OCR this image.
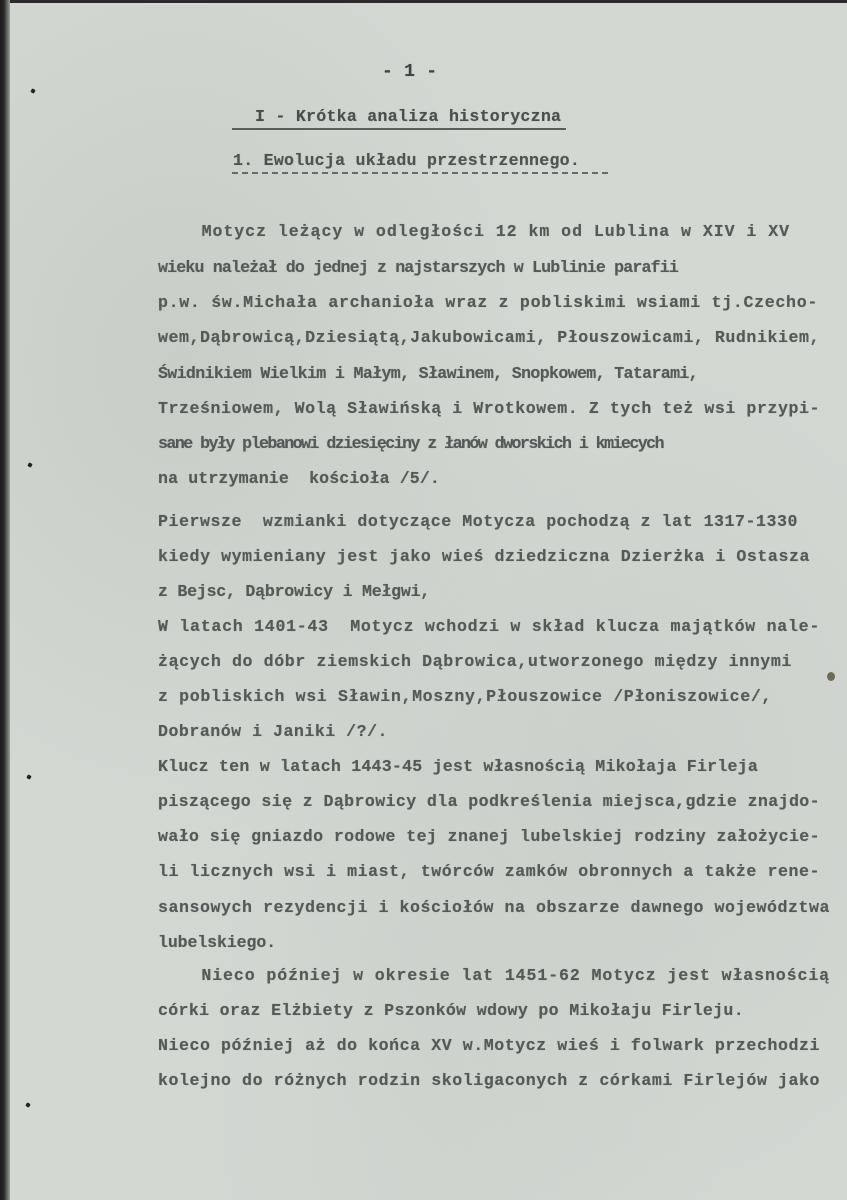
- 1 -
I - Krótka analiza historyczna
1. Ewolucja układu przestrzennego.
Motycz leżący w odległości 12 km od Lublina w XIV i XV
wieku należał do jednej z najstarszych w Lublinie parafii
p.w. św.Michała archanioła wraz z pobliskimi wsiami tj.Czecho-
wem,Dąbrowicą,Dziesiątą,Jakubowicami, Płouszowicami, Rudnikiem,
Świdnikiem Wielkim i Małym, Sławinem, Snopkowem, Tatarami,
Trześniowem, Wolą Sławińską i Wrotkowem. Z tych też wsi przypi-
sane były plebanowi dziesięciny z łanów dworskich i kmiecych
na utrzymanie  kościoła /5/.
Pierwsze  wzmianki dotyczące Motycza pochodzą z lat 1317-1330
kiedy wymieniany jest jako wieś dziedziczna Dzierżka i Ostasza
z Bejsc, Dąbrowicy i Mełgwi,
W latach 1401-43  Motycz wchodzi w skład klucza majątków nale-
żących do dóbr ziemskich Dąbrowica,utworzonego między innymi
z pobliskich wsi Sławin,Moszny,Płouszowice /Płoniszowice/,
Dobranów i Janiki /?/.
Klucz ten w latach 1443-45 jest własnością Mikołaja Firleja
piszącego się z Dąbrowicy dla podkreślenia miejsca,gdzie znajdo-
wało się gniazdo rodowe tej znanej lubelskiej rodziny założycie-
li licznych wsi i miast, twórców zamków obronnych a także rene-
sansowych rezydencji i kościołów na obszarze dawnego województwa
lubelskiego.
Nieco później w okresie lat 1451-62 Motycz jest własnością
córki oraz Elżbiety z Pszonków wdowy po Mikołaju Firleju.
Nieco później aż do końca XV w.Motycz wieś i folwark przechodzi
kolejno do różnych rodzin skoligaconych z córkami Firlejów jako
